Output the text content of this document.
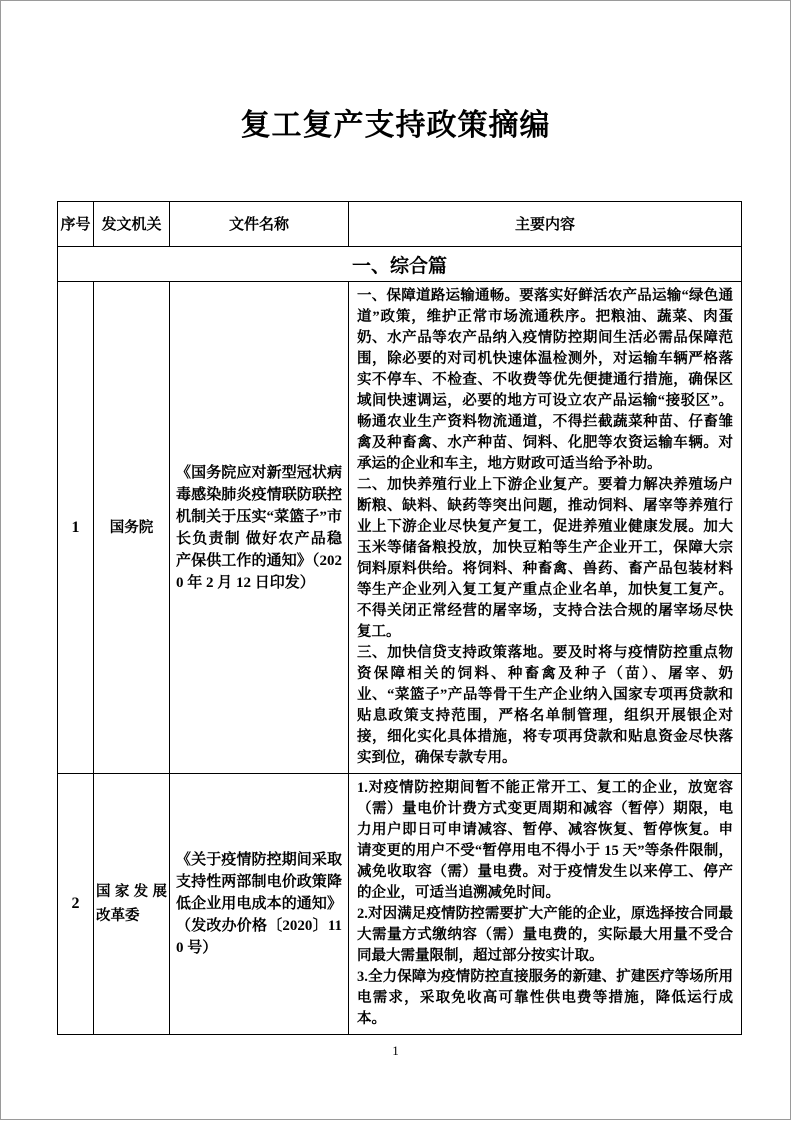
复工复产支持政策摘编
序号	发文机关	文件名称	主要内容
一、综合篇			
1	国务院	《国务院应对新型冠状病毒感染肺炎疫情联防联控机制关于压实“菜篮子”市长负责制 做好农产品稳产保供工作的通知》（2020 年 2 月 12 日印发）	一、保障道路运输通畅。要落实好鲜活农产品运输“绿色通道”政策，维护正常市场流通秩序。把粮油、蔬菜、肉蛋奶、水产品等农产品纳入疫情防控期间生活必需品保障范围，除必要的对司机快速体温检测外，对运输车辆严格落实不停车、不检查、不收费等优先便捷通行措施，确保区域间快速调运，必要的地方可设立农产品运输“接驳区”。畅通农业生产资料物流通道，不得拦截蔬菜种苗、仔畜雏禽及种畜禽、水产种苗、饲料、化肥等农资运输车辆。对承运的企业和车主，地方财政可适当给予补助。

二、加快养殖行业上下游企业复产。要着力解决养殖场户断粮、缺料、缺药等突出问题，推动饲料、屠宰等养殖行业上下游企业尽快复产复工，促进养殖业健康发展。加大玉米等储备粮投放，加快豆粕等生产企业开工，保障大宗饲料原料供给。将饲料、种畜禽、兽药、畜产品包装材料等生产企业列入复工复产重点企业名单，加快复工复产。不得关闭正常经营的屠宰场，支持合法合规的屠宰场尽快复工。

三、加快信贷支持政策落地。要及时将与疫情防控重点物资保障相关的饲料、种畜禽及种子（苗）、屠宰、奶业、“菜篮子”产品等骨干生产企业纳入国家专项再贷款和贴息政策支持范围，严格名单制管理，组织开展银企对接，细化实化具体措施，将专项再贷款和贴息资金尽快落实到位，确保专款专用。

2	国家发展改革委	《关于疫情防控期间采取支持性两部制电价政策降低企业用电成本的通知》（发改办价格〔2020〕110 号）	1.对疫情防控期间暂不能正常开工、复工的企业，放宽容（需）量电价计费方式变更周期和减容（暂停）期限，电力用户即日可申请减容、暂停、减容恢复、暂停恢复。申请变更的用户不受“暂停用电不得小于 15 天”等条件限制，减免收取容（需）量电费。对于疫情发生以来停工、停产的企业，可适当追溯减免时间。

2.对因满足疫情防控需要扩大产能的企业，原选择按合同最大需量方式缴纳容（需）量电费的，实际最大用量不受合同最大需量限制，超过部分按实计取。

3.全力保障为疫情防控直接服务的新建、扩建医疗等场所用电需求，采取免收高可靠性供电费等措施，降低运行成本。

1
